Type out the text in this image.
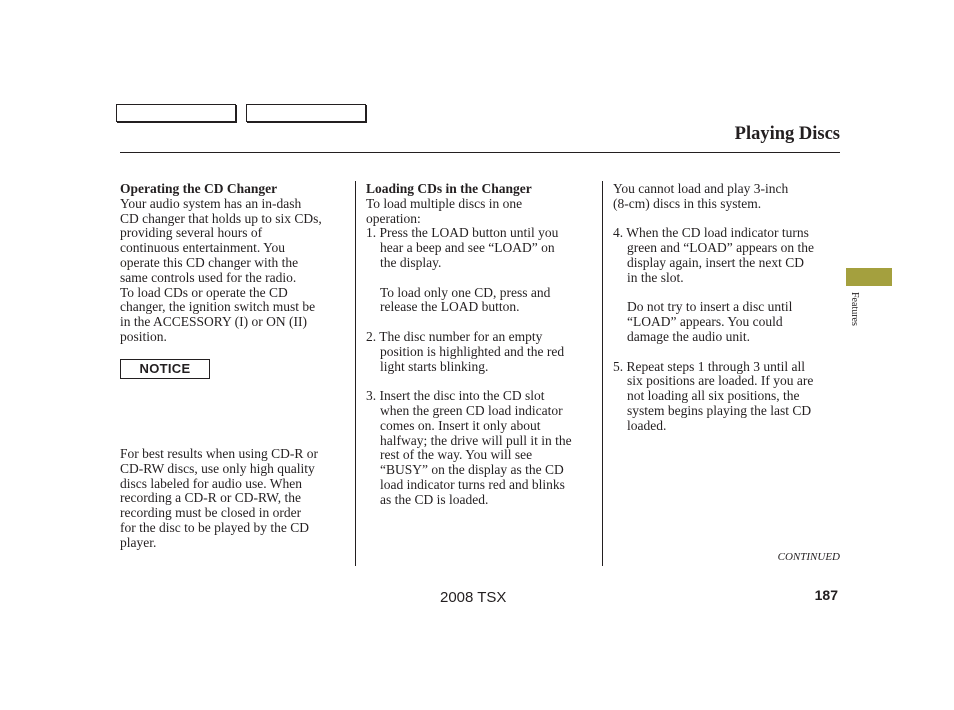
Playing Discs

Operating the CD Changer

Your audio system has an in-dash

CD changer that holds up to six CDs,

providing several hours of

continuous entertainment. You

operate this CD changer with the

same controls used for the radio.

To load CDs or operate the CD

changer, the ignition switch must be

in the ACCESSORY (I) or ON (II)

position.

NOTICE

For best results when using CD-R or

CD-RW discs, use only high quality

discs labeled for audio use. When

recording a CD-R or CD-RW, the

recording must be closed in order

for the disc to be played by the CD

player.

Loading CDs in the Changer

To load multiple discs in one

operation:

1. Press the LOAD button until you

hear a beep and see “LOAD” on

the display.

To load only one CD, press and

release the LOAD button.

2. The disc number for an empty

position is highlighted and the red

light starts blinking.

3. Insert the disc into the CD slot

when the green CD load indicator

comes on. Insert it only about

halfway; the drive will pull it in the

rest of the way. You will see

“BUSY” on the display as the CD

load indicator turns red and blinks

as the CD is loaded.

You cannot load and play 3-inch

(8-cm) discs in this system.

4. When the CD load indicator turns

green and “LOAD” appears on the

display again, insert the next CD

in the slot.

Do not try to insert a disc until

“LOAD” appears. You could

damage the audio unit.

5. Repeat steps 1 through 3 until all

six positions are loaded. If you are

not loading all six positions, the

system begins playing the last CD

loaded.

Features
CONTINUED
2008 TSX	187
